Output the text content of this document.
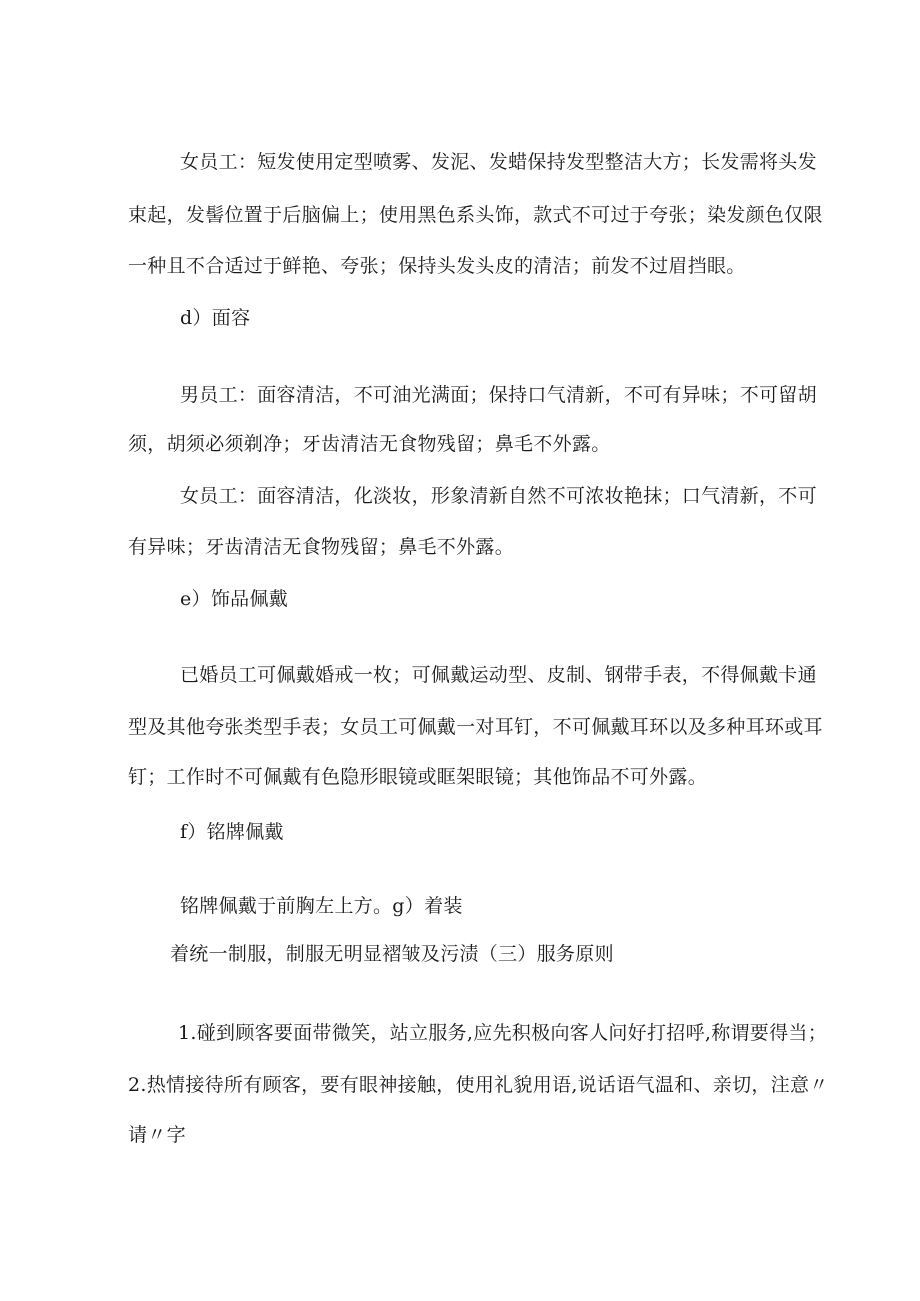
女员工：短发使用定型喷雾、发泥、发蜡保持发型整洁大方；长发需将头发
束起，发髻位置于后脑偏上；使用黑色系头饰，款式不可过于夸张；染发颜色仅限
一种且不合适过于鲜艳、夸张；保持头发头皮的清洁；前发不过眉挡眼。
d）面容
男员工：面容清洁，不可油光满面；保持口气清新，不可有异味；不可留胡
须，胡须必须剃净；牙齿清洁无食物残留；鼻毛不外露。
女员工：面容清洁，化淡妆，形象清新自然不可浓妆艳抹；口气清新，不可
有异味；牙齿清洁无食物残留；鼻毛不外露。
e）饰品佩戴
已婚员工可佩戴婚戒一枚；可佩戴运动型、皮制、钢带手表，不得佩戴卡通
型及其他夸张类型手表；女员工可佩戴一对耳钉，不可佩戴耳环以及多种耳环或耳
钉；工作时不可佩戴有色隐形眼镜或眶架眼镜；其他饰品不可外露。
f）铭牌佩戴
铭牌佩戴于前胸左上方。g）着装
着统一制服，制服无明显褶皱及污渍（三）服务原则
1.碰到顾客要面带微笑，站立服务,应先积极向客人问好打招呼,称谓要得当；
2.热情接待所有顾客，要有眼神接触，使用礼貌用语,说话语气温和、亲切，注意〃
请〃字
